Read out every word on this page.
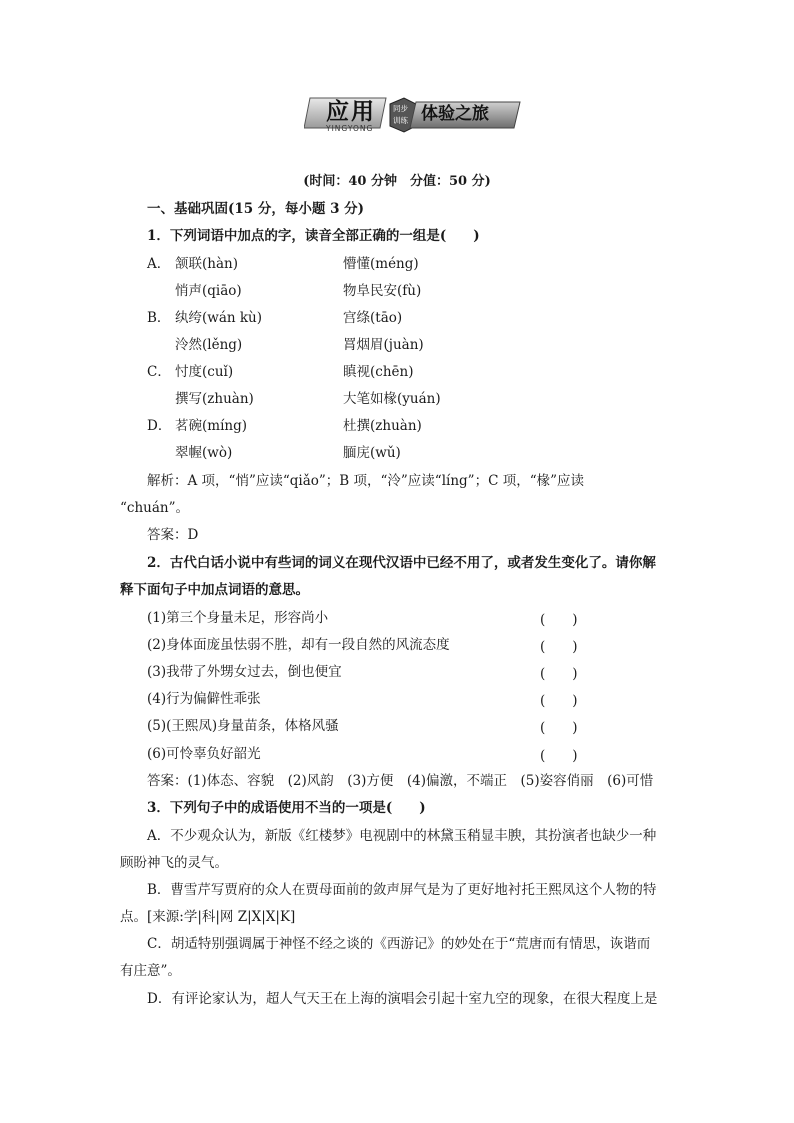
应用
YINGYONG
同步
训练 体验之旅
(时间：40 分钟　分值：50 分)
一、基础巩固(15 分，每小题 3 分)
1．下列词语中加点的字，读音全部正确的一组是(　　)
A． 颔联(hàn)	懵懂(méng)
悄声(qiāo)	物阜民安(fù)
B． 纨绔(wán kù)	宫绦(tāo)
泠然(lěng)	罥烟眉(juàn)
C． 忖度(cuǐ)	瞋视(chēn)
撰写(zhuàn)	大笔如椽(yuán)
D． 茗碗(míng)	杜撰(zhuàn)
翠幄(wò)	腼庑(wǔ)
解析：A 项，“悄”应读“qiǎo”；B 项，“泠”应读“líng”；C 项，“椽”应读
“chuán”。
答案：D
2．古代白话小说中有些词的词义在现代汉语中已经不用了，或者发生变化了。请你解
释下面句子中加点词语的意思。
(1)第三个身量未足，形容尚小	(　　)
(2)身体面庞虽怯弱不胜，却有一段自然的风流态度	(　　)
(3)我带了外甥女过去，倒也便宜	(　　)
(4)行为偏僻性乖张	(　　)
(5)(王熙凤)身量苗条，体格风骚	(　　)
(6)可怜辜负好韶光	(　　)
答案：(1)体态、容貌　(2)风韵　(3)方便　(4)偏激，不端正　(5)姿容俏丽　(6)可惜
3．下列句子中的成语使用不当的一项是(　　)
A．不少观众认为，新版《红楼梦》电视剧中的林黛玉稍显丰腴，其扮演者也缺少一种
顾盼神飞的灵气。
B．曹雪芹写贾府的众人在贾母面前的敛声屏气是为了更好地衬托王熙凤这个人物的特
点。[来源:学|科|网 Z|X|X|K]
C．胡适特别强调属于神怪不经之谈的《西游记》的妙处在于“荒唐而有情思，诙谐而
有庄意”。
D．有评论家认为，超人气天王在上海的演唱会引起十室九空的现象，在很大程度上是
